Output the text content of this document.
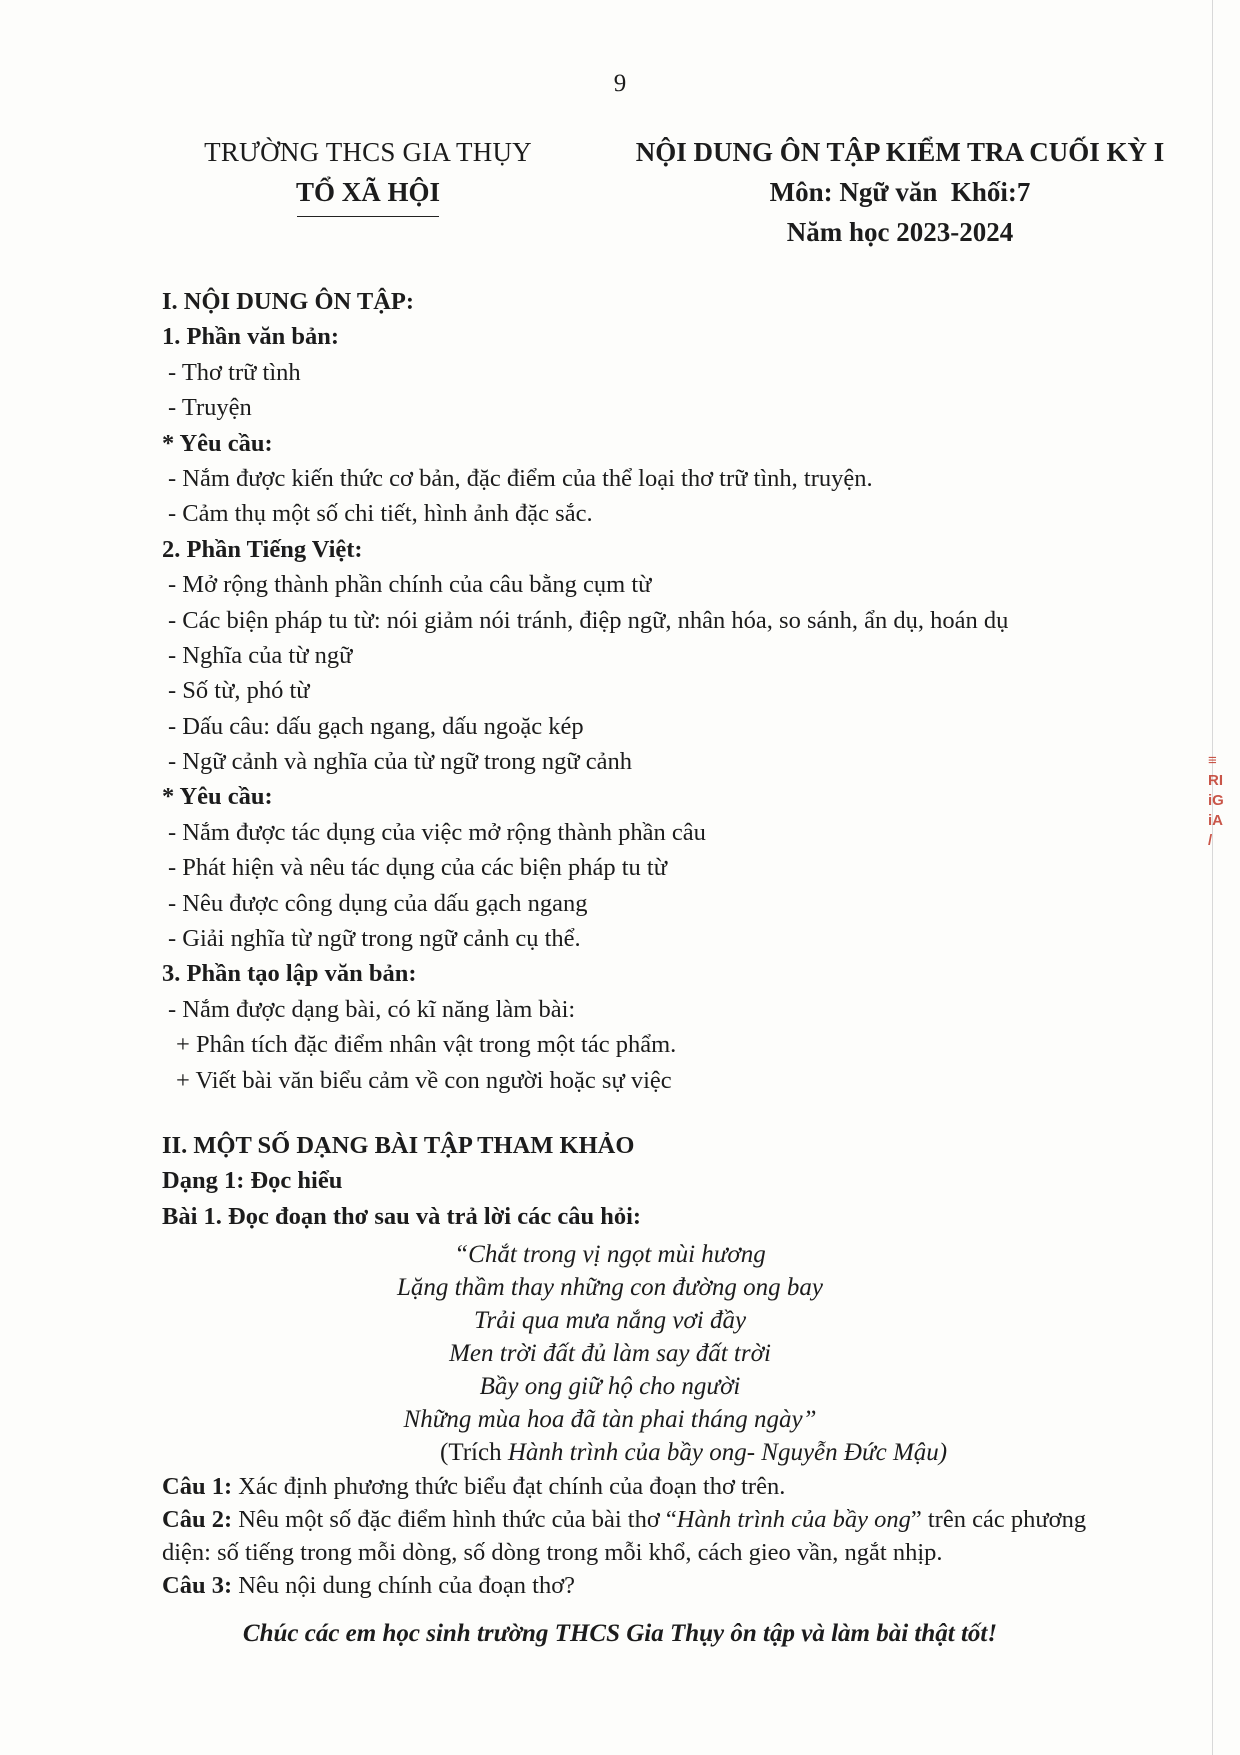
9
TRƯỜNG THCS GIA THỤY
TỔ XÃ HỘI
NỘI DUNG ÔN TẬP KIỂM TRA CUỐI KỲ I
Môn: Ngữ văn  Khối:7
Năm học 2023-2024
I. NỘI DUNG ÔN TẬP:
1. Phần văn bản:
- Thơ trữ tình
- Truyện
* Yêu cầu:
- Nắm được kiến thức cơ bản, đặc điểm của thể loại thơ trữ tình, truyện.
- Cảm thụ một số chi tiết, hình ảnh đặc sắc.
2. Phần Tiếng Việt:
- Mở rộng thành phần chính của câu bằng cụm từ
- Các biện pháp tu từ: nói giảm nói tránh, điệp ngữ, nhân hóa, so sánh, ẩn dụ, hoán dụ
- Nghĩa của từ ngữ
- Số từ, phó từ
- Dấu câu: dấu gạch ngang, dấu ngoặc kép
- Ngữ cảnh và nghĩa của từ ngữ trong ngữ cảnh
* Yêu cầu:
- Nắm được tác dụng của việc mở rộng thành phần câu
- Phát hiện và nêu tác dụng của các biện pháp tu từ
- Nêu được công dụng của dấu gạch ngang
- Giải nghĩa từ ngữ trong ngữ cảnh cụ thể.
3. Phần tạo lập văn bản:
- Nắm được dạng bài, có kĩ năng làm bài:
+ Phân tích đặc điểm nhân vật trong một tác phẩm.
+ Viết bài văn biểu cảm về con người hoặc sự việc
II. MỘT SỐ DẠNG BÀI TẬP THAM KHẢO
Dạng 1: Đọc hiểu
Bài 1. Đọc đoạn thơ sau và trả lời các câu hỏi:
“Chắt trong vị ngọt mùi hương
Lặng thầm thay những con đường ong bay
Trải qua mưa nắng vơi đầy
Men trời đất đủ làm say đất trời
Bầy ong giữ hộ cho người
Những mùa hoa đã tàn phai tháng ngày”
(Trích Hành trình của bầy ong- Nguyễn Đức Mậu)
Câu 1: Xác định phương thức biểu đạt chính của đoạn thơ trên.
Câu 2: Nêu một số đặc điểm hình thức của bài thơ “Hành trình của bầy ong” trên các phương diện: số tiếng trong mỗi dòng, số dòng trong mỗi khổ, cách gieo vần, ngắt nhịp.
Câu 3: Nêu nội dung chính của đoạn thơ?
Chúc các em học sinh trường THCS Gia Thụy ôn tập và làm bài thật tốt!
≡
RI
iG
iA
/
